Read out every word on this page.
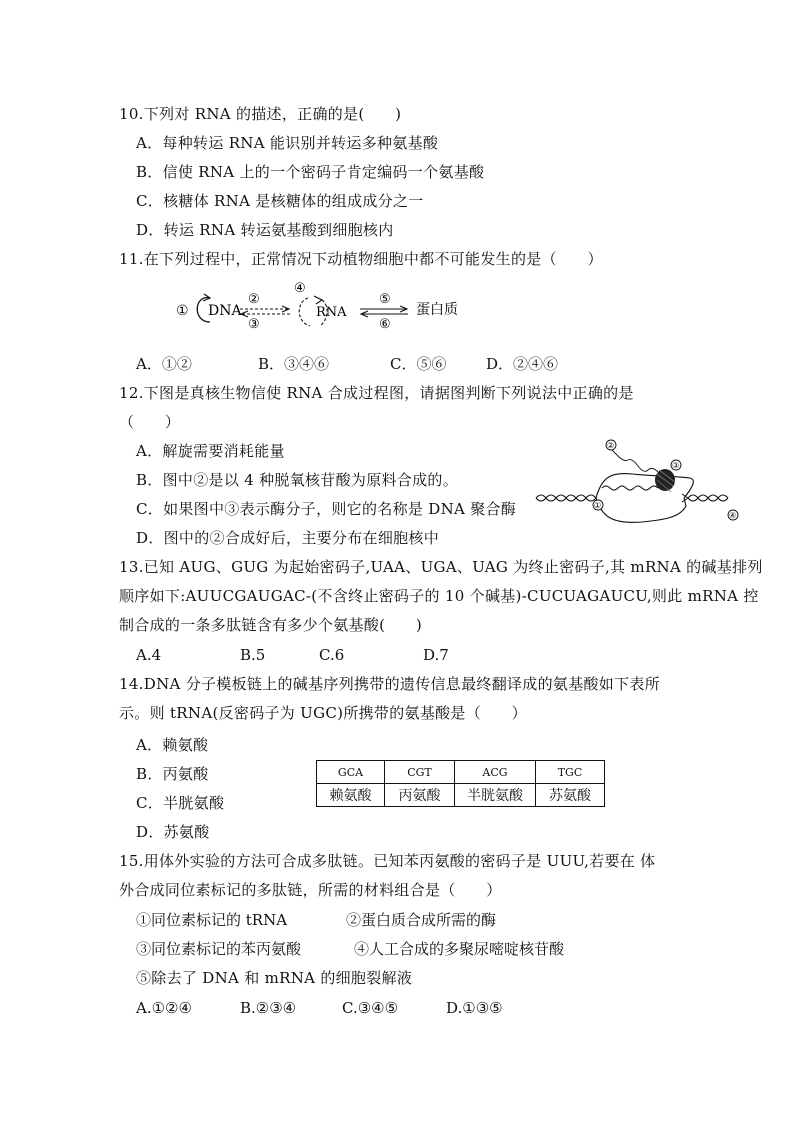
10.下列对 RNA 的描述，正确的是(　　)
A．每种转运 RNA 能识别并转运多种氨基酸
B．信使 RNA 上的一个密码子肯定编码一个氨基酸
C．核糖体 RNA 是核糖体的组成成分之一
D．转运 RNA 转运氨基酸到细胞核内
11.在下列过程中，正常情况下动植物细胞中都不可能发生的是（　　）
① DNA
②
③
④
RNA
⑤
⑥
蛋白质
A．①②	B．③④⑥	C．⑤⑥	D．②④⑥
12.下图是真核生物信使 RNA 合成过程图，请据图判断下列说法中正确的是
（　　）
A．解旋需要消耗能量
B．图中②是以 4 种脱氧核苷酸为原料合成的。
C．如果图中③表示酶分子，则它的名称是 DNA 聚合酶
D．图中的②合成好后，主要分布在细胞核中
②
③
①
④
13.已知 AUG、GUG 为起始密码子,UAA、UGA、UAG 为终止密码子,其 mRNA 的碱基排列
顺序如下:AUUCGAUGAC-(不含终止密码子的 10 个碱基)-CUCUAGAUCU,则此 mRNA 控
制合成的一条多肽链含有多少个氨基酸(　　)
A.4	B.5	C.6	D.7
14.DNA 分子模板链上的碱基序列携带的遗传信息最终翻译成的氨基酸如下表所
示。则 tRNA(反密码子为 UGC)所携带的氨基酸是（　　）
A．赖氨酸
B．丙氨酸
C．半胱氨酸
D．苏氨酸
GCA	CGT	ACG	TGC
赖氨酸	丙氨酸	半胱氨酸	苏氨酸
15.用体外实验的方法可合成多肽链。已知苯丙氨酸的密码子是 UUU,若要在 体
外合成同位素标记的多肽链，所需的材料组合是（　　）
①同位素标记的 tRNA	②蛋白质合成所需的酶
③同位素标记的苯丙氨酸	④人工合成的多聚尿嘧啶核苷酸
⑤除去了 DNA 和 mRNA 的细胞裂解液
A.①②④	B.②③④	C.③④⑤	D.①③⑤
